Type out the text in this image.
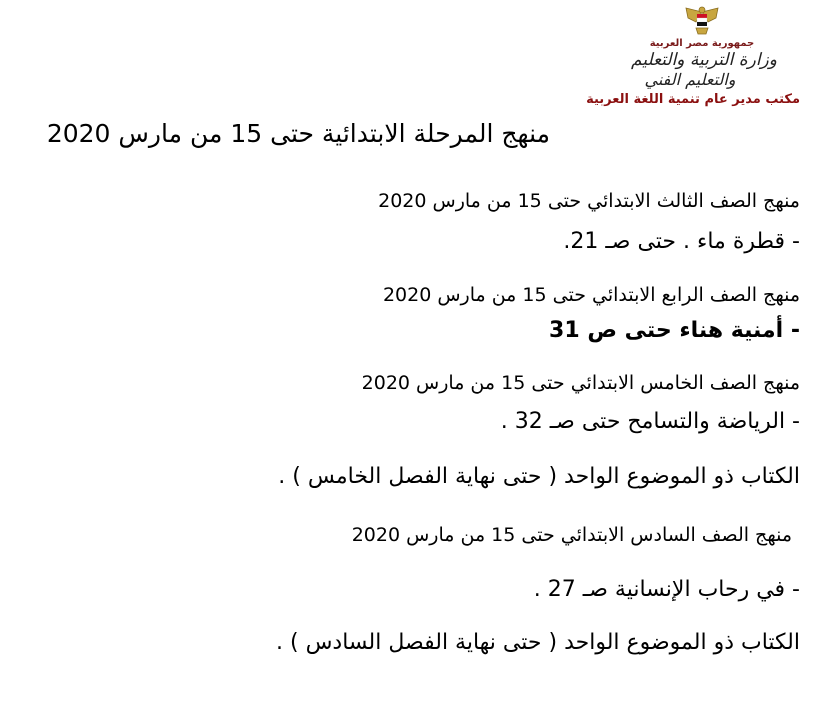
جمهورية مصر العربية
وزارة التربية والتعليم
والتعليم الفني
مكتب مدير عام تنمية اللغة العربية
منهج المرحلة الابتدائية حتى 15 من مارس 2020
منهج الصف الثالث الابتدائي حتى 15 من مارس 2020
- قطرة ماء . حتى صـ 21.
منهج الصف الرابع الابتدائي حتى 15 من مارس 2020
- أمنية هناء حتى ص 31
منهج الصف الخامس الابتدائي حتى 15 من مارس 2020
- الرياضة والتسامح حتى صـ 32 .
الكتاب ذو الموضوع الواحد ( حتى نهاية الفصل الخامس ) .
منهج الصف السادس الابتدائي حتى 15 من مارس 2020
- في رحاب الإنسانية صـ 27 .
الكتاب ذو الموضوع الواحد ( حتى نهاية الفصل السادس ) .
